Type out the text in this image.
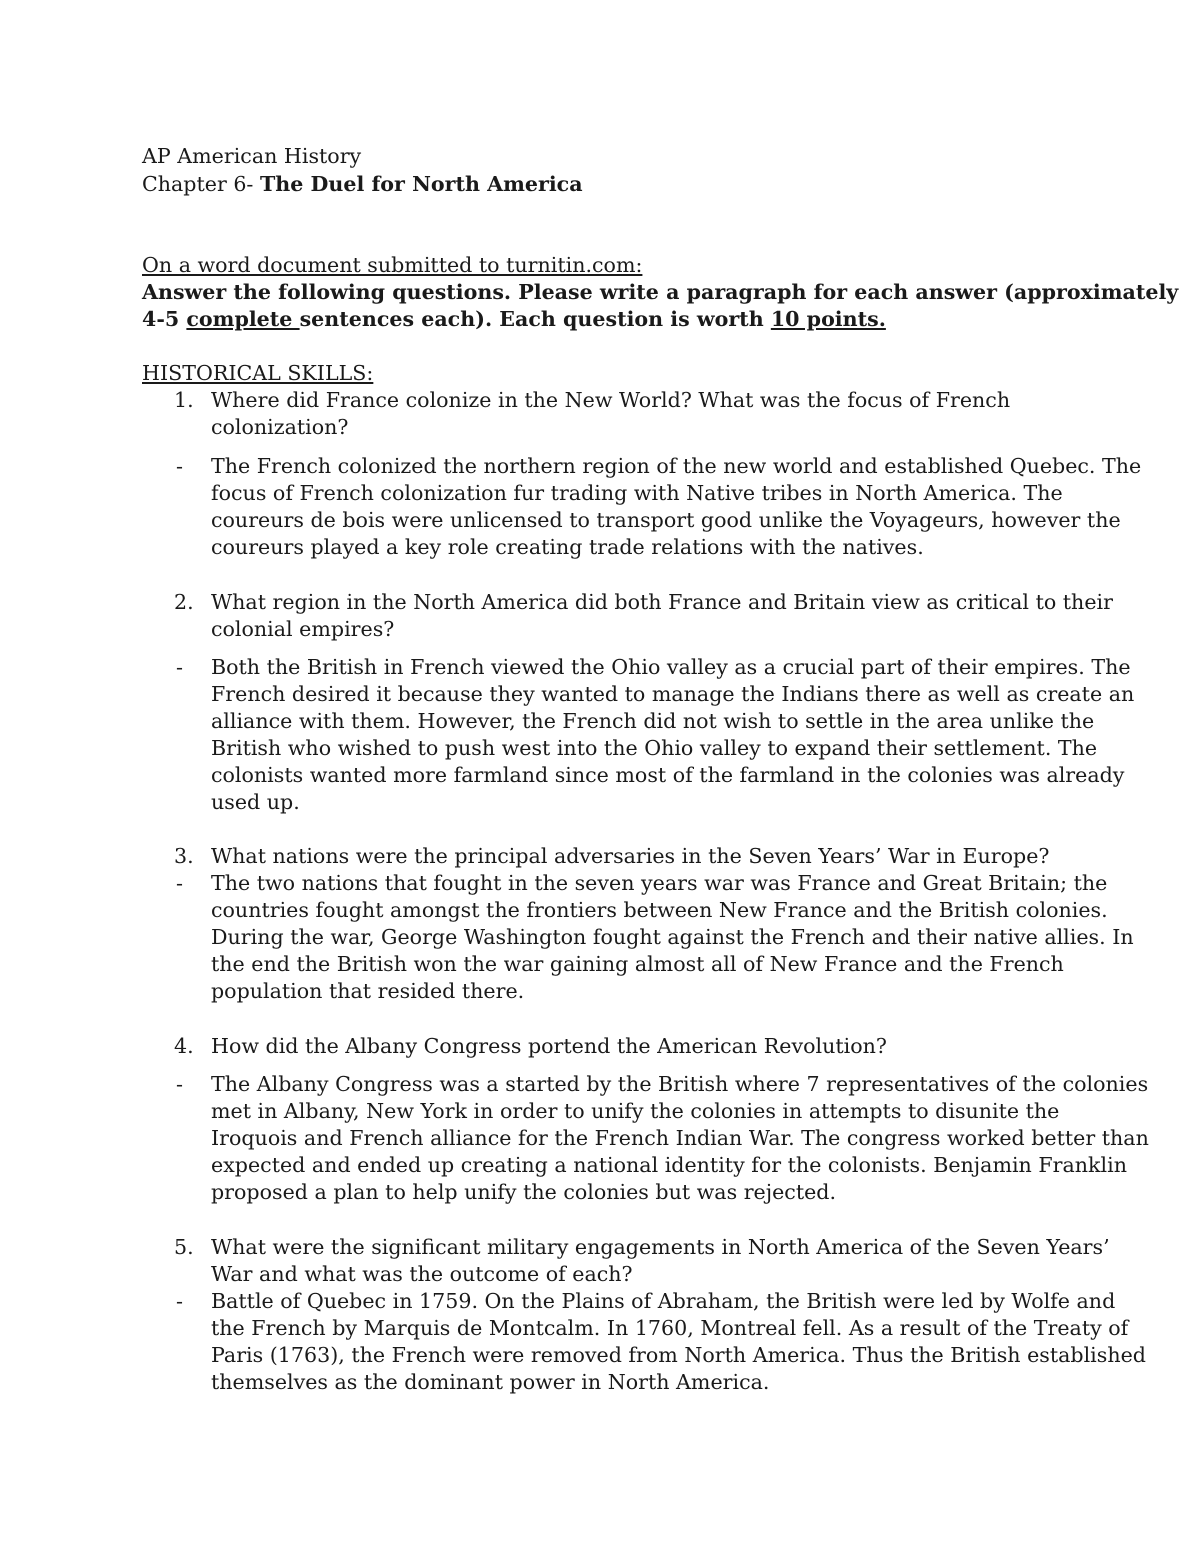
AP American History
Chapter 6- The Duel for North America
On a word document submitted to turnitin.com:
Answer the following questions. Please write a paragraph for each answer (approximately
4-5 complete sentences each). Each question is worth 10 points.
HISTORICAL SKILLS:
1. Where did France colonize in the New World? What was the focus of French
colonization?
- The French colonized the northern region of the new world and established Quebec. The
focus of French colonization fur trading with Native tribes in North America. The
coureurs de bois were unlicensed to transport good unlike the Voyageurs, however the
coureurs played a key role creating trade relations with the natives.
2. What region in the North America did both France and Britain view as critical to their
colonial empires?
- Both the British in French viewed the Ohio valley as a crucial part of their empires. The
French desired it because they wanted to manage the Indians there as well as create an
alliance with them. However, the French did not wish to settle in the area unlike the
British who wished to push west into the Ohio valley to expand their settlement. The
colonists wanted more farmland since most of the farmland in the colonies was already
used up.
3. What nations were the principal adversaries in the Seven Years’ War in Europe?
- The two nations that fought in the seven years war was France and Great Britain; the
countries fought amongst the frontiers between New France and the British colonies.
During the war, George Washington fought against the French and their native allies. In
the end the British won the war gaining almost all of New France and the French
population that resided there.
4. How did the Albany Congress portend the American Revolution?
- The Albany Congress was a started by the British where 7 representatives of the colonies
met in Albany, New York in order to unify the colonies in attempts to disunite the
Iroquois and French alliance for the French Indian War. The congress worked better than
expected and ended up creating a national identity for the colonists. Benjamin Franklin
proposed a plan to help unify the colonies but was rejected.
5. What were the significant military engagements in North America of the Seven Years’
War and what was the outcome of each?
- Battle of Quebec in 1759. On the Plains of Abraham, the British were led by Wolfe and
the French by Marquis de Montcalm. In 1760, Montreal fell. As a result of the Treaty of
Paris (1763), the French were removed from North America. Thus the British established
themselves as the dominant power in North America.
